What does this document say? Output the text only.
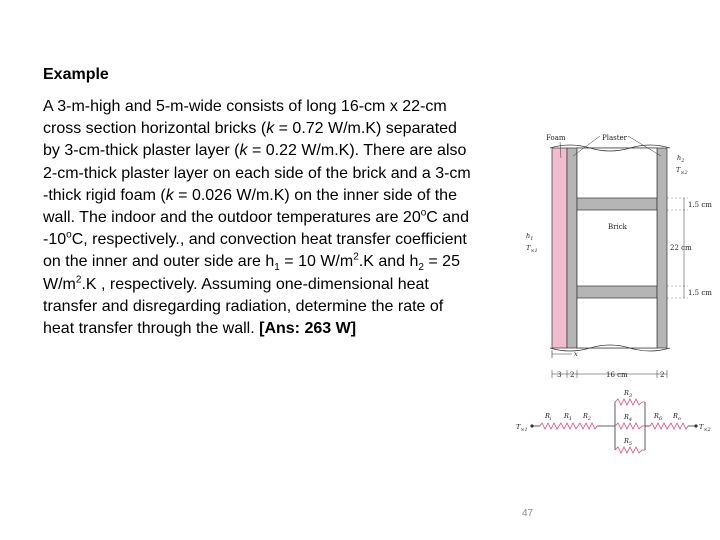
Example

A 3-m-high and 5-m-wide consists of long 16-cm x 22-cm
cross section horizontal bricks (k = 0.72 W/m.K) separated
by 3-cm-thick plaster layer (k = 0.22 W/m.K). There are also
2-cm-thick plaster layer on each side of the brick and a 3-cm
-thick rigid foam (k = 0.026 W/m.K) on the inner side of the
wall. The indoor and the outdoor temperatures are 20$^o$C and
-10$^o$C, respectively., and convection heat transfer coefficient
on the inner and outer side are $h_1 = 10$ $W/m^2.K$ and $h_2 = 25$
$W/m^2.K$ , respectively. Assuming one-dimensional heat
transfer and disregarding radiation, determine the rate of
heat transfer through the wall. [Ans: 263 W]

47
Foam	Plaster
Brick
$h_2$
$T_{\infty 2}$
$h_1$
$T_{\infty 1}$
1.5 cm
22 cm
1.5 cm
x
3 2	16 cm	2
$T_{\infty 1}$	$T_{\infty 2}$
$R_i$ $R_1$ $R_2$
$R_3$
$R_4$
$R_5$
$R_6$ $R_o$
